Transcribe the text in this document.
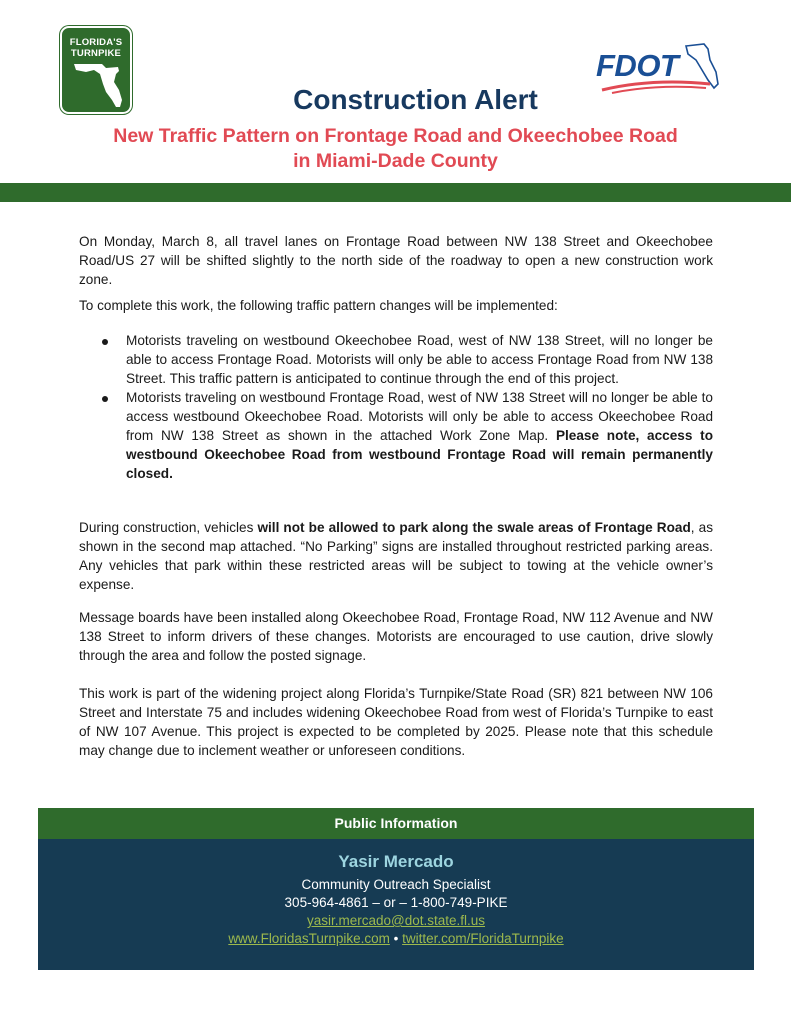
FLORIDA'S
TURNPIKE	FDOT
Construction Alert
New Traffic Pattern on Frontage Road and Okeechobee Road
in Miami-Dade County

On Monday, March 8, all travel lanes on Frontage Road between NW 138 Street and Okeechobee Road/US 27 will be shifted slightly to the north side of the roadway to open a new construction work zone.

To complete this work, the following traffic pattern changes will be implemented:

Motorists traveling on westbound Okeechobee Road, west of NW 138 Street, will no longer be able to access Frontage Road. Motorists will only be able to access Frontage Road from NW 138 Street. This traffic pattern is anticipated to continue through the end of this project.
Motorists traveling on westbound Frontage Road, west of NW 138 Street will no longer be able to access westbound Okeechobee Road. Motorists will only be able to access Okeechobee Road from NW 138 Street as shown in the attached Work Zone Map. Please note, access to westbound Okeechobee Road from westbound Frontage Road will remain permanently closed.

During construction, vehicles will not be allowed to park along the swale areas of Frontage Road, as shown in the second map attached. “No Parking” signs are installed throughout restricted parking areas. Any vehicles that park within these restricted areas will be subject to towing at the vehicle owner’s expense.

Message boards have been installed along Okeechobee Road, Frontage Road, NW 112 Avenue and NW 138 Street to inform drivers of these changes. Motorists are encouraged to use caution, drive slowly through the area and follow the posted signage.

This work is part of the widening project along Florida’s Turnpike/State Road (SR) 821 between NW 106 Street and Interstate 75 and includes widening Okeechobee Road from west of Florida’s Turnpike to east of NW 107 Avenue. This project is expected to be completed by 2025. Please note that this schedule may change due to inclement weather or unforeseen conditions.

Public Information
Yasir Mercado
Community Outreach Specialist
305-964-4861 – or – 1-800-749-PIKE
yasir.mercado@dot.state.fl.us
www.FloridasTurnpike.com • twitter.com/FloridaTurnpike
